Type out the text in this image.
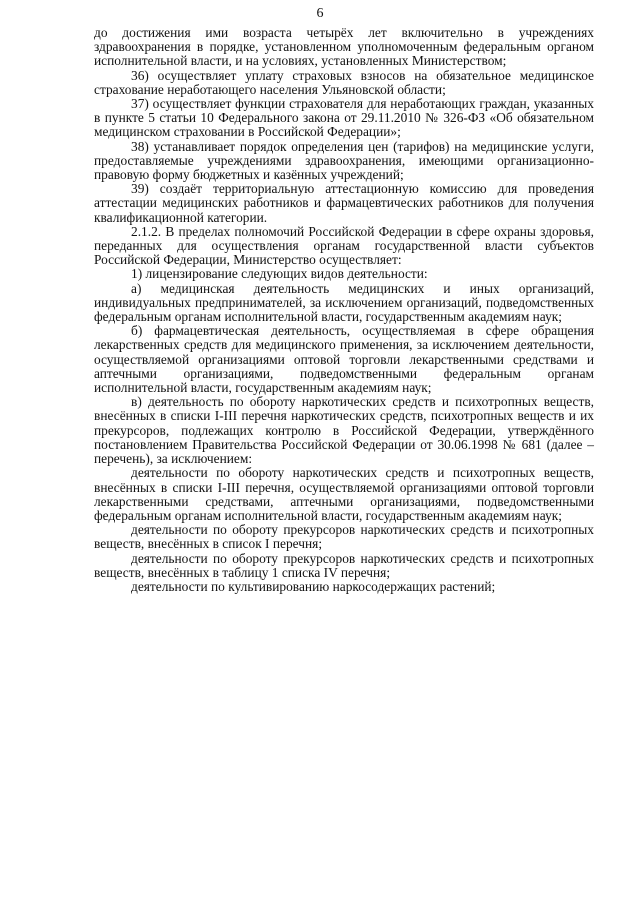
6

до достижения ими возраста четырёх лет включительно в учреждениях здравоохранения в порядке, установленном уполномоченным федеральным органом исполнительной власти, и на условиях, установленных Министерством;

36) осуществляет уплату страховых взносов на обязательное медицинское страхование неработающего населения Ульяновской области;

37) осуществляет функции страхователя для неработающих граждан, указанных в пункте 5 статьи 10 Федерального закона от 29.11.2010 № 326-ФЗ «Об обязательном медицинском страховании в Российской Федерации»;

38) устанавливает порядок определения цен (тарифов) на медицинские услуги, предоставляемые учреждениями здравоохранения, имеющими организационно-правовую форму бюджетных и казённых учреждений;

39) создаёт территориальную аттестационную комиссию для проведения аттестации медицинских работников и фармацевтических работников для получения квалификационной категории.

2.1.2. В пределах полномочий Российской Федерации в сфере охраны здоровья, переданных для осуществления органам государственной власти субъектов Российской Федерации, Министерство осуществляет:

1) лицензирование следующих видов деятельности:

а) медицинская деятельность медицинских и иных организаций, индивидуальных предпринимателей, за исключением организаций, подведомственных федеральным органам исполнительной власти, государственным академиям наук;

б) фармацевтическая деятельность, осуществляемая в сфере обращения лекарственных средств для медицинского применения, за исключением деятельности, осуществляемой организациями оптовой торговли лекарственными средствами и аптечными организациями, подведомственными федеральным органам исполнительной власти, государственным академиям наук;

в) деятельность по обороту наркотических средств и психотропных веществ, внесённых в списки I-III перечня наркотических средств, психотропных веществ и их прекурсоров, подлежащих контролю в Российской Федерации, утверждённого постановлением Правительства Российской Федерации от 30.06.1998 № 681 (далее – перечень), за исключением:

деятельности по обороту наркотических средств и психотропных веществ, внесённых в списки I-III перечня, осуществляемой организациями оптовой торговли лекарственными средствами, аптечными организациями, подведомственными федеральным органам исполнительной власти, государственным академиям наук;

деятельности по обороту прекурсоров наркотических средств и психотропных веществ, внесённых в список I перечня;

деятельности по обороту прекурсоров наркотических средств и психотропных веществ, внесённых в таблицу 1 списка IV перечня;

деятельности по культивированию наркосодержащих растений;
